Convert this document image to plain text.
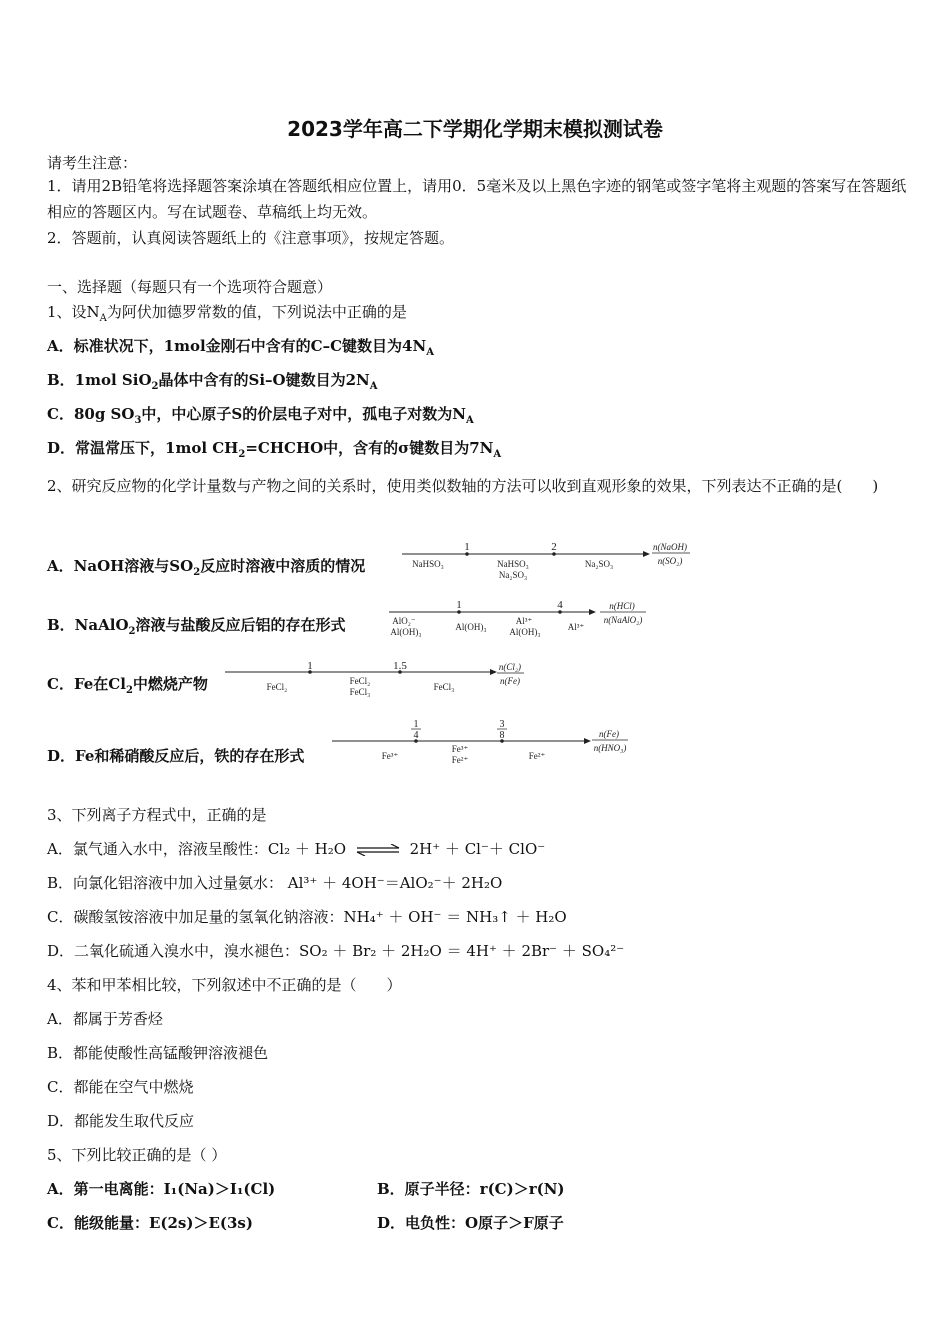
2023学年高二下学期化学期末模拟测试卷
请考生注意：
1．请用2B铅笔将选择题答案涂填在答题纸相应位置上，请用0．5毫米及以上黑色字迹的钢笔或签字笔将主观题的答案写在答题纸相应的答题区内。写在试题卷、草稿纸上均无效。
2．答题前，认真阅读答题纸上的《注意事项》，按规定答题。
一、选择题（每题只有一个选项符合题意）
1、设$N_A$为阿伏加德罗常数的值，下列说法中正确的是
A．标准状况下，1mol金刚石中含有的C–C键数目为$4N_A$
B．1mol SiO$_2$晶体中含有的Si–O键数目为$2N_A$
C．80g $SO_3$中，中心原子S的价层电子对中，孤电子对数为$N_A$
D．常温常压下，1mol $CH_2=CHCHO$中，含有的σ键数目为$7N_A$
2、研究反应物的化学计量数与产物之间的关系时，使用类似数轴的方法可以收到直观形象的效果，下列表达不正确的是(　　)
A．NaOH溶液与$SO_2$反应时溶液中溶质的情况
1	2
NaHSO₃	NaHSO₃
Na₂SO₃
Na₂SO₃
n(NaOH)
n(SO₂)
B．NaAlO$_2$溶液与盐酸反应后铝的存在形式
1	4
AlO₂⁻
Al(OH)₃	Al(OH)₃
Al³⁺
Al(OH)₃	Al³⁺
n(HCl)
n(NaAlO₂)
C．Fe在$Cl_2$中燃烧产物
1	1.5
FeCl₂
FeCl₂
FeCl₃	FeCl₃
n(Cl₂)
n(Fe)
D．Fe和稀硝酸反应后，铁的存在形式
1
4
3
8
Fe³⁺
Fe³⁺
Fe²⁺	Fe²⁺
n(Fe)
n(HNO₃)
3、下列离子方程式中，正确的是
A．氯气通入水中，溶液呈酸性：Cl₂ ＋ H₂O ⇌ 2H⁺ ＋ Cl⁻＋ ClO⁻
B．向氯化铝溶液中加入过量氨水： Al³⁺ ＋ 4OH⁻＝AlO₂⁻＋ 2H₂O
C．碳酸氢铵溶液中加足量的氢氧化钠溶液：NH₄⁺ ＋ OH⁻ ＝ NH₃↑ ＋ H₂O
D．二氧化硫通入溴水中，溴水褪色：SO₂ ＋ Br₂ ＋ 2H₂O ＝ 4H⁺ ＋ 2Br⁻ ＋ SO₄²⁻
4、苯和甲苯相比较，下列叙述中不正确的是（　　）
A．都属于芳香烃
B．都能使酸性高锰酸钾溶液褪色
C．都能在空气中燃烧
D．都能发生取代反应
5、下列比较正确的是（ ）
A．第一电离能：I₁(Na)＞I₁(Cl)	B．原子半径：r(C)＞r(N)
C．能级能量：E(2s)＞E(3s)	D．电负性：O原子＞F原子
